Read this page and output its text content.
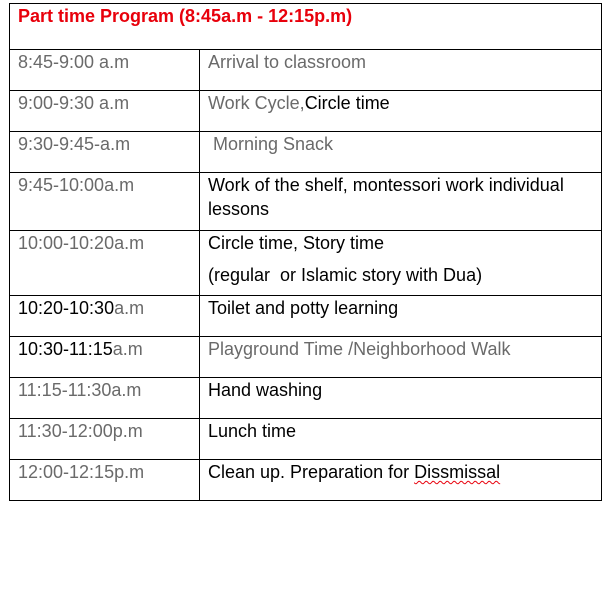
Part time Program (8:45a.m - 12:15p.m)	
8:45-9:00 a.m	Arrival to classroom
9:00-9:30 a.m	Work Cycle,Circle time
9:30-9:45-a.m	Morning Snack
9:45-10:00a.m	Work of the shelf, montessori work individual lessons
10:00-10:20a.m	Circle time, Story time
(regular  or Islamic story with Dua)

10:20-10:30a.m	Toilet and potty learning
10:30-11:15a.m	Playground Time /Neighborhood Walk
11:15-11:30a.m	Hand washing
11:30-12:00p.m	Lunch time
12:00-12:15p.m	Clean up. Preparation for Dissmissal
